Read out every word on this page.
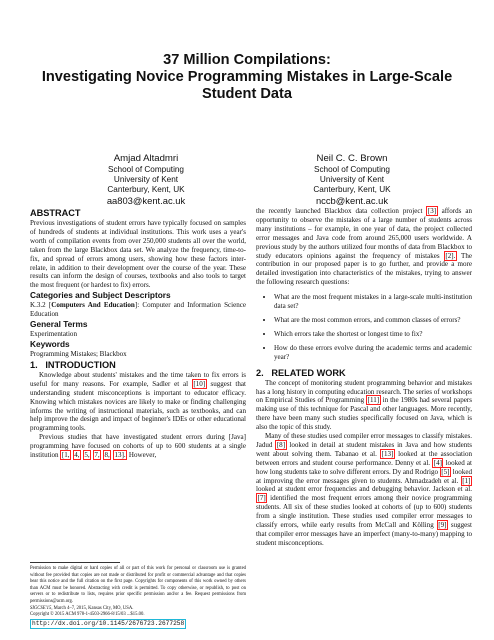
37 Million Compilations:
Investigating Novice Programming Mistakes in Large-Scale
Student Data
Amjad Altadmri
School of Computing
University of Kent
Canterbury, Kent, UK
aa803@kent.ac.uk
Neil C. C. Brown
School of Computing
University of Kent
Canterbury, Kent, UK
nccb@kent.ac.uk
ABSTRACT

Previous investigations of student errors have typically focused on samples of hundreds of students at individual institutions. This work uses a year's worth of compilation events from over 250,000 students all over the world, taken from the large Blackbox data set. We analyze the frequency, time-to-fix, and spread of errors among users, showing how these factors inter-relate, in addition to their development over the course of the year. These results can inform the design of courses, textbooks and also tools to target the most frequent (or hardest to fix) errors.

Categories and Subject Descriptors

K.3.2 [Computers And Education]: Computer and Information Science Education

General Terms

Experimentation

Keywords

Programming Mistakes; Blackbox

1.   INTRODUCTION

Knowledge about students' mistakes and the time taken to fix errors is useful for many reasons. For example, Sadler et al [10] suggest that understanding student misconceptions is important to educator efficacy. Knowing which mistakes novices are likely to make or finding challenging informs the writing of instructional materials, such as textbooks, and can help improve the design and impact of beginner's IDEs or other educational programming tools.

Previous studies that have investigated student errors during [Java] programming have focused on cohorts of up to 600 students at a single institution [1, 4, 5, 7, 8, 13]. However,

Permission to make digital or hard copies of all or part of this work for personal or classroom use is granted without fee provided that copies are not made or distributed for profit or commercial advantage and that copies bear this notice and the full citation on the first page. Copyrights for components of this work owned by others than ACM must be honored. Abstracting with credit is permitted. To copy otherwise, or republish, to post on servers or to redistribute to lists, requires prior specific permission and/or a fee. Request permissions from permissions@acm.org.
SIGCSE'15, March 4–7, 2015, Kansas City, MO, USA.
Copyright © 2015 ACM 978-1-4503-2966-8/15/03 ...$15.00.
http://dx.doi.org/10.1145/2676723.2677258

the recently launched Blackbox data collection project [3] affords an opportunity to observe the mistakes of a large number of students across many institutions – for example, in one year of data, the project collected error messages and Java code from around 265,000 users worldwide. A previous study by the authors utilized four months of data from Blackbox to study educators opinions against the frequency of mistakes [2]. The contribution in our proposed paper is to go further, and provide a more detailed investigation into characteristics of the mistakes, trying to answer the following research questions:

• What are the most frequent mistakes in a large-scale multi-institution data set?
• What are the most common errors, and common classes of errors?
• Which errors take the shortest or longest time to fix?
• How do these errors evolve during the academic terms and academic year?
2.   RELATED WORK

The concept of monitoring student programming behavior and mistakes has a long history in computing education research. The series of workshops on Empirical Studies of Programming [11] in the 1980s had several papers making use of this technique for Pascal and other languages. More recently, there have been many such studies specifically focused on Java, which is also the topic of this study.

Many of these studies used compiler error messages to classify mistakes. Jadud [8] looked in detail at student mistakes in Java and how students went about solving them. Tabanao et al. [13] looked at the association between errors and student course performance. Denny et al. [4] looked at how long students take to solve different errors. Dy and Rodrigo [5] looked at improving the error messages given to students. Ahmadzadeh et al. [1] looked at student error frequencies and debugging behavior. Jackson et al. [7] identified the most frequent errors among their novice programming students. All six of these studies looked at cohorts of (up to 600) students from a single institution. These studies used compiler error messages to classify errors, while early results from McCall and Kölling [9] suggest that compiler error messages have an imperfect (many-to-many) mapping to student misconceptions.
